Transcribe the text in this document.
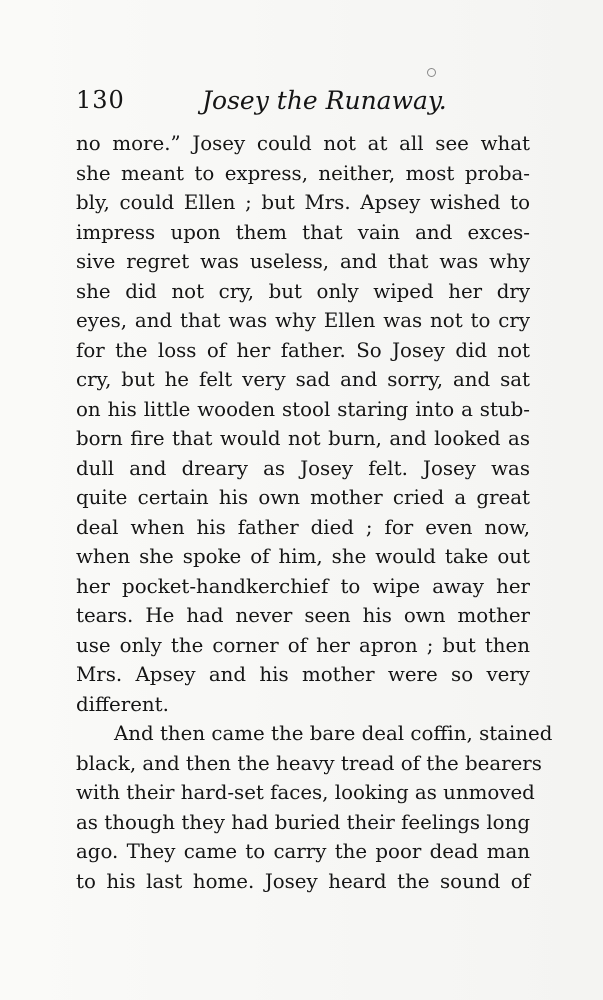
130	Josey the Runaway.
no more.” Josey could not at all see what
she meant to express, neither, most proba-
bly, could Ellen ; but Mrs. Apsey wished to
impress upon them that vain and exces-
sive regret was useless, and that was why
she did not cry, but only wiped her dry
eyes, and that was why Ellen was not to cry
for the loss of her father. So Josey did not
cry, but he felt very sad and sorry, and sat
on his little wooden stool staring into a stub-
born fire that would not burn, and looked as
dull and dreary as Josey felt. Josey was
quite certain his own mother cried a great
deal when his father died ; for even now,
when she spoke of him, she would take out
her pocket-handkerchief to wipe away her
tears. He had never seen his own mother
use only the corner of her apron ; but then
Mrs. Apsey and his mother were so very
different.
And then came the bare deal coffin, stained
black, and then the heavy tread of the bearers
with their hard-set faces, looking as unmoved
as though they had buried their feelings long
ago. They came to carry the poor dead man
to his last home. Josey heard the sound of
